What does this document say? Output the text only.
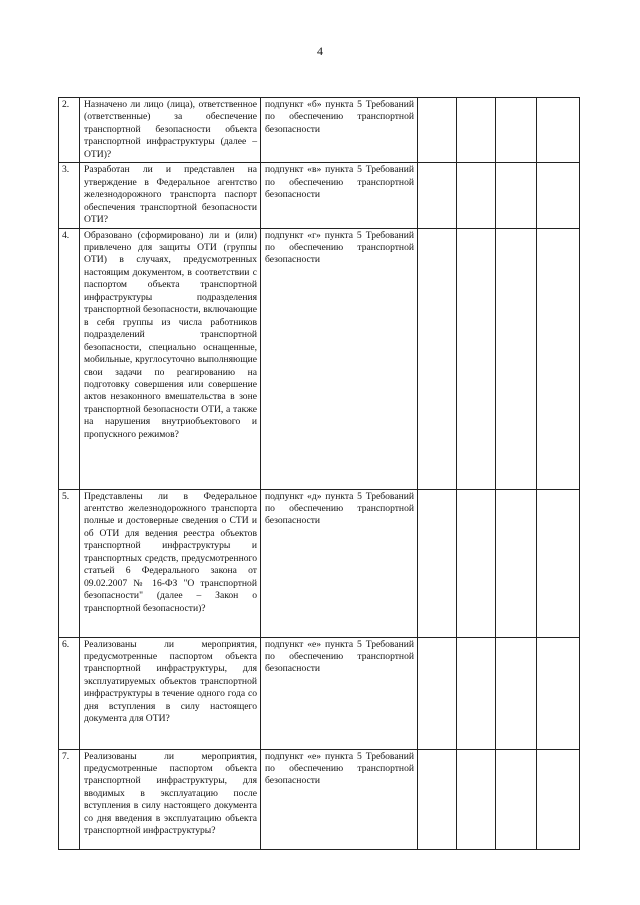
4
2.	Назначено ли лицо (лица), ответственное (ответственные) за обеспечение транспортной безопасности объекта транспортной инфраструктуры (далее – ОТИ)?	подпункт «б» пункта 5 Требований по обеспечению транспортной безопасности				
3.	Разработан ли и представлен на утверждение в Федеральное агентство железнодорожного транспорта паспорт обеспечения транспортной безопасности ОТИ?	подпункт «в» пункта 5 Требований по обеспечению транспортной безопасности				
4.	Образовано (сформировано) ли и (или) привлечено для защиты ОТИ (группы ОТИ) в случаях, предусмотренных настоящим документом, в соответствии с паспортом объекта транспортной инфраструктуры подразделения транспортной безопасности, включающие в себя группы из числа работников подразделений транспортной безопасности, специально оснащенные, мобильные, круглосуточно выполняющие свои задачи по реагированию на подготовку совершения или совершение актов незаконного вмешательства в зоне транспортной безопасности ОТИ, а также на нарушения внутриобъектового и пропускного режимов?	подпункт «г» пункта 5 Требований по обеспечению транспортной безопасности				
5.	Представлены ли в Федеральное агентство железнодорожного транспорта полные и достоверные сведения о СТИ и об ОТИ для ведения реестра объектов транспортной инфраструктуры и транспортных средств, предусмотренного статьей 6 Федерального закона от 09.02.2007 № 16-ФЗ "О транспортной безопасности" (далее – Закон о транспортной безопасности)?	подпункт «д» пункта 5 Требований по обеспечению транспортной безопасности				
6.	Реализованы ли мероприятия, предусмотренные паспортом объекта транспортной инфраструктуры, для эксплуатируемых объектов транспортной инфраструктуры в течение одного года со дня вступления в силу настоящего документа для ОТИ?	подпункт «е» пункта 5 Требований по обеспечению транспортной безопасности				
7.	Реализованы ли мероприятия, предусмотренные паспортом объекта транспортной инфраструктуры, для вводимых в эксплуатацию после вступления в силу настоящего документа со дня введения в эксплуатацию объекта транспортной инфраструктуры?	подпункт «е» пункта 5 Требований по обеспечению транспортной безопасности				
